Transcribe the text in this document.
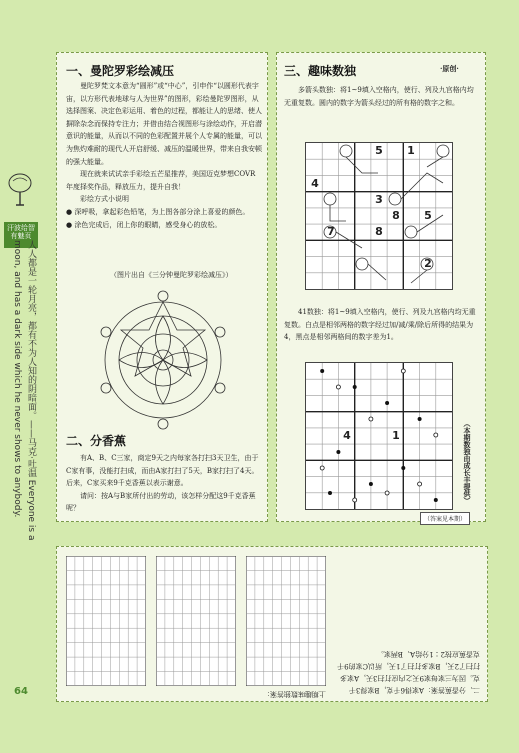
汗波给智有魅页
人人都是一轮月亮，都有不为人知的阴暗面。——马克·吐温 Everyone is a moon, and has a dark side which he never shows to anybody.
一、曼陀罗彩绘减压
曼陀罗梵文本意为“圆形”或“中心”，引申作“以圆形代表宇宙，以方形代表地球与人为世界”的图形，彩绘曼陀罗图形，从选择图案、决定色彩运用、着色的过程，都能让人的思绪、使人摒除杂念而保持专注力；并借由结合视图形与涂绘动作，开启潜意识的能量，从而以不同的色彩配置并展个人专属的能量，可以为焦灼难耐的现代人开启舒缓、减压的温暖世界，带来自我安顿的强大能量。
现在就来试试亲手彩绘五芒星推荐，美国迈克梦想COVR年度择奖作品，释放压力，提升自我！
彩绘方式小说明
● 深呼吸，拿起彩色铅笔，为上图各部分涂上喜爱的颜色。
● 涂色完成后，闭上你的眼睛，感受身心的放松。
（图片出自《三分钟曼陀罗彩绘减压》）
二、分香蕉
有A、B、C三家，商定9天之内每家各打扫3天卫生，由于C家有事，没能打扫成，而由A家打扫了5天，B家打扫了4天。后来，C家买来9千克香蕉以表示谢意。
请问：按A与B家所付出的劳动，该怎样分配这9千克香蕉呢？
三、趣味数独	·原创·
多箭头数独：将1~9填入空格内，使行、列及九宫格内均无重复数。圆内的数字为箭头经过的所有格的数字之和。
5	1
4
3
8	5
7	8
2
41数独：将1~9填入空格内，使行、列及九宫格内均无重复数。白点是相邻两格的数字经过加/减/乘/除后所得的结果为4，黑点是相邻两格间的数字差为1。
4	1	（本期数独由成长丰提供）
（答案见本期）
上期趣味数独答案：	二、分香蕉答案：A家得6千克，B家得3千克。因为三家每家9天之内应打扫3天，A家多打扫了2天，B家多打扫了1天，所以C家的9千克香蕉应按2∶1分给A、B两家。
64
